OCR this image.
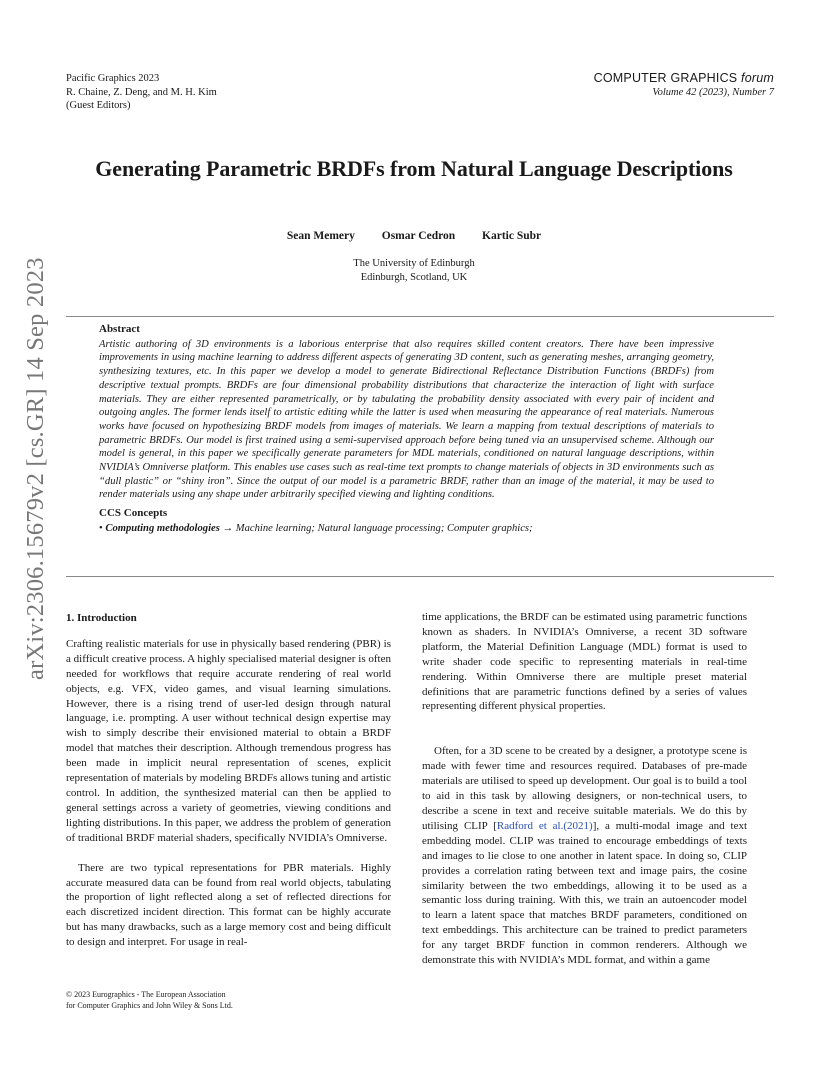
Pacific Graphics 2023
R. Chaine, Z. Deng, and M. H. Kim
(Guest Editors)
COMPUTER GRAPHICS forum
Volume 42 (2023), Number 7
arXiv:2306.15679v2 [cs.GR] 14 Sep 2023
Generating Parametric BRDFs from Natural Language Descriptions
Sean Memery Osmar Cedron Kartic Subr
The University of Edinburgh
Edinburgh, Scotland, UK
Abstract

Artistic authoring of 3D environments is a laborious enterprise that also requires skilled content creators. There have been impressive improvements in using machine learning to address different aspects of generating 3D content, such as generating meshes, arranging geometry, synthesizing textures, etc. In this paper we develop a model to generate Bidirectional Reflectance Distribution Functions (BRDFs) from descriptive textual prompts. BRDFs are four dimensional probability distributions that characterize the interaction of light with surface materials. They are either represented parametrically, or by tabulating the probability density associated with every pair of incident and outgoing angles. The former lends itself to artistic editing while the latter is used when measuring the appearance of real materials. Numerous works have focused on hypothesizing BRDF models from images of materials. We learn a mapping from textual descriptions of materials to parametric BRDFs. Our model is first trained using a semi-supervised approach before being tuned via an unsupervised scheme. Although our model is general, in this paper we specifically generate parameters for MDL materials, conditioned on natural language descriptions, within NVIDIA’s Omniverse platform. This enables use cases such as real-time text prompts to change materials of objects in 3D environments such as “dull plastic” or “shiny iron”. Since the output of our model is a parametric BRDF, rather than an image of the material, it may be used to render materials using any shape under arbitrarily specified viewing and lighting conditions.

CCS Concepts

• Computing methodologies → Machine learning; Natural language processing; Computer graphics;

1. Introduction

Crafting realistic materials for use in physically based rendering (PBR) is a difficult creative process. A highly specialised material designer is often needed for workflows that require accurate rendering of real world objects, e.g. VFX, video games, and visual learning simulations. However, there is a rising trend of user-led design through natural language, i.e. prompting. A user without technical design expertise may wish to simply describe their envisioned material to obtain a BRDF model that matches their description. Although tremendous progress has been made in implicit neural representation of scenes, explicit representation of materials by modeling BRDFs allows tuning and artistic control. In addition, the synthesized material can then be applied to general settings across a variety of geometries, viewing conditions and lighting distributions. In this paper, we address the problem of generation of traditional BRDF material shaders, specifically NVIDIA’s Omniverse.

There are two typical representations for PBR materials. Highly accurate measured data can be found from real world objects, tabulating the proportion of light reflected along a set of reflected directions for each discretized incident direction. This format can be highly accurate but has many drawbacks, such as a large memory cost and being difficult to design and interpret. For usage in real-

time applications, the BRDF can be estimated using parametric functions known as shaders. In NVIDIA’s Omniverse, a recent 3D software platform, the Material Definition Language (MDL) format is used to write shader code specific to representing materials in real-time rendering. Within Omniverse there are multiple preset material definitions that are parametric functions defined by a series of values representing different physical properties.

Often, for a 3D scene to be created by a designer, a prototype scene is made with fewer time and resources required. Databases of pre-made materials are utilised to speed up development. Our goal is to build a tool to aid in this task by allowing designers, or non-technical users, to describe a scene in text and receive suitable materials. We do this by utilising CLIP [Radford et al.(2021)], a multi-modal image and text embedding model. CLIP was trained to encourage embeddings of texts and images to lie close to one another in latent space. In doing so, CLIP provides a correlation rating between text and image pairs, the cosine similarity between the two embeddings, allowing it to be used as a semantic loss during training. With this, we train an autoencoder model to learn a latent space that matches BRDF parameters, conditioned on text embeddings. This architecture can be trained to predict parameters for any target BRDF function in common renderers. Although we demonstrate this with NVIDIA’s MDL format, and within a game

© 2023 Eurographics - The European Association
for Computer Graphics and John Wiley & Sons Ltd.
